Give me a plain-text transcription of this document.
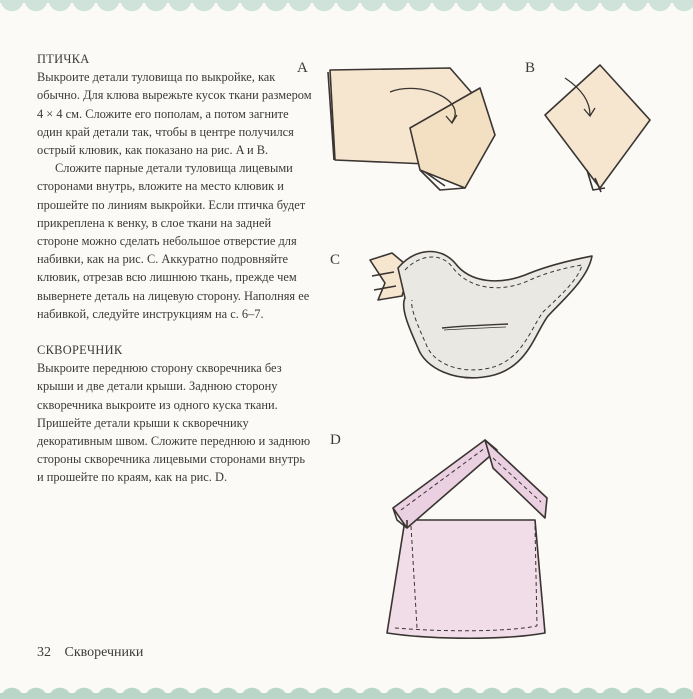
ПТИЧКА

Выкроите детали туловища по выкройке, как обычно. Для клюва вырежьте кусок ткани размером 4 × 4 см. Сложите его пополам, а потом загните один край детали так, чтобы в центре получился острый клювик, как показано на рис. A и B.

Сложите парные детали туловища лицевыми сторонами внутрь, вложите на место клювик и прошейте по линиям выкройки. Если птичка будет прикреплена к венку, в слое ткани на задней стороне можно сделать небольшое отверстие для набивки, как на рис. C. Аккуратно подровняйте клювик, отрезав всю лишнюю ткань, прежде чем вывернете деталь на лицевую сторону. Наполняя ее набивкой, следуйте инструкциям на с. 6–7.

СКВОРЕЧНИК

Выкроите переднюю сторону скворечника без крыши и две детали крыши. Заднюю сторону скворечника выкроите из одного куска ткани. Пришейте детали крыши к скворечнику декоративным швом. Сложите переднюю и заднюю стороны скворечника лицевыми сторонами внутрь и прошейте по краям, как на рис. D.

32 Скворечники
A	B
C
D
